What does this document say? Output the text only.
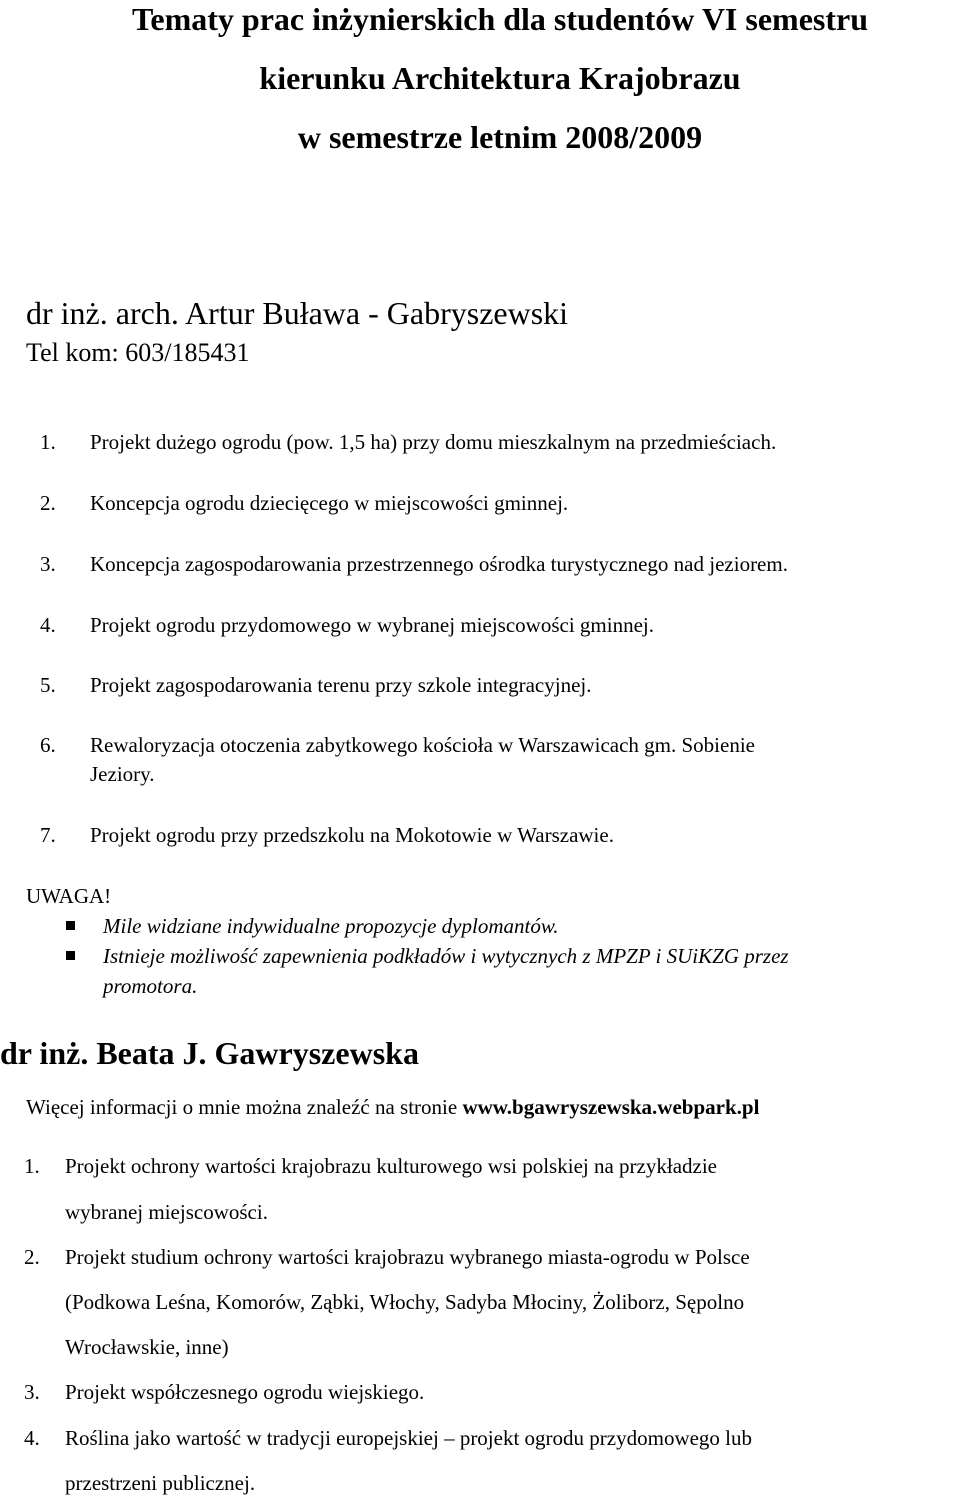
Tematy prac inżynierskich dla studentów VI semestru
kierunku Architektura Krajobrazu
w semestrze letnim 2008/2009
dr inż. arch. Artur Buława - Gabryszewski
Tel kom: 603/185431
1. Projekt dużego ogrodu (pow. 1,5 ha) przy domu mieszkalnym na przedmieściach.
2. Koncepcja ogrodu dziecięcego w miejscowości gminnej.
3. Koncepcja zagospodarowania przestrzennego ośrodka turystycznego nad jeziorem.
4. Projekt ogrodu przydomowego w wybranej miejscowości gminnej.
5. Projekt zagospodarowania terenu przy szkole integracyjnej.
6. Rewaloryzacja otoczenia zabytkowego kościoła w Warszawicach gm. Sobienie
Jeziory.
7. Projekt ogrodu przy przedszkolu na Mokotowie w Warszawie.
UWAGA!
Mile widziane indywidualne propozycje dyplomantów.
Istnieje możliwość zapewnienia podkładów i wytycznych z MPZP i SUiKZG przez
promotora.
dr inż. Beata J. Gawryszewska
Więcej informacji o mnie można znaleźć na stronie www.bgawryszewska.webpark.pl
1. Projekt ochrony wartości krajobrazu kulturowego wsi polskiej na przykładzie
wybranej miejscowości.
2. Projekt studium ochrony wartości krajobrazu wybranego miasta-ogrodu w Polsce
(Podkowa Leśna, Komorów, Ząbki, Włochy, Sadyba Młociny, Żoliborz, Sępolno
Wrocławskie, inne)
3. Projekt współczesnego ogrodu wiejskiego.
4. Roślina jako wartość w tradycji europejskiej – projekt ogrodu przydomowego lub
przestrzeni publicznej.
